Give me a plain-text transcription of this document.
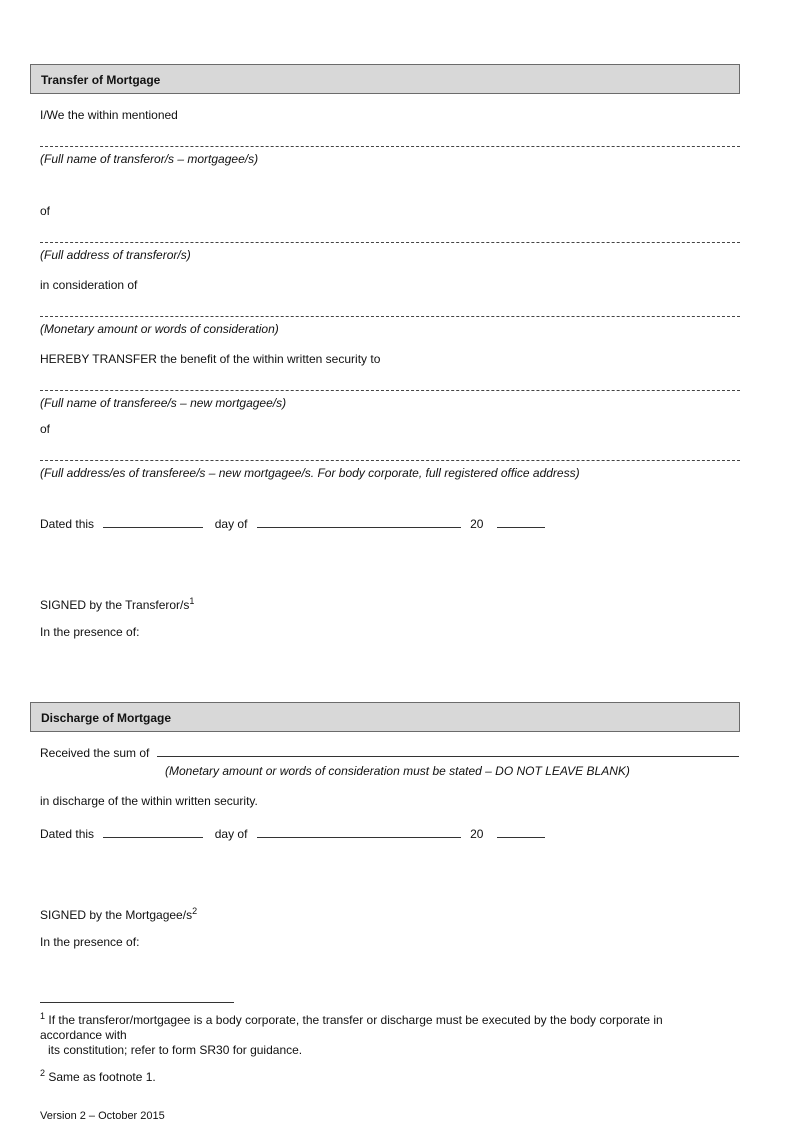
Transfer of Mortgage
I/We the within mentioned
(Full name of transferor/s – mortgagee/s)
of
(Full address of transferor/s)
in consideration of
(Monetary amount or words of consideration)
HEREBY TRANSFER the benefit of the within written security to
(Full name of transferee/s – new mortgagee/s)
of
(Full address/es of transferee/s – new mortgagee/s. For body corporate, full registered office address)
Dated this	day of	20
SIGNED by the Transferor/$s^1$
In the presence of:
Discharge of Mortgage
Received the sum of
(Monetary amount or words of consideration must be stated – DO NOT LEAVE BLANK)
in discharge of the within written security.
Dated this	day of	20
SIGNED by the Mortgagee/$s^2$
In the presence of:
$^1$ If the transferor/mortgagee is a body corporate, the transfer or discharge must be executed by the body corporate in
accordance with
its constitution; refer to form SR30 for guidance.
$^2$ Same as footnote 1.
Version 2 – October 2015
